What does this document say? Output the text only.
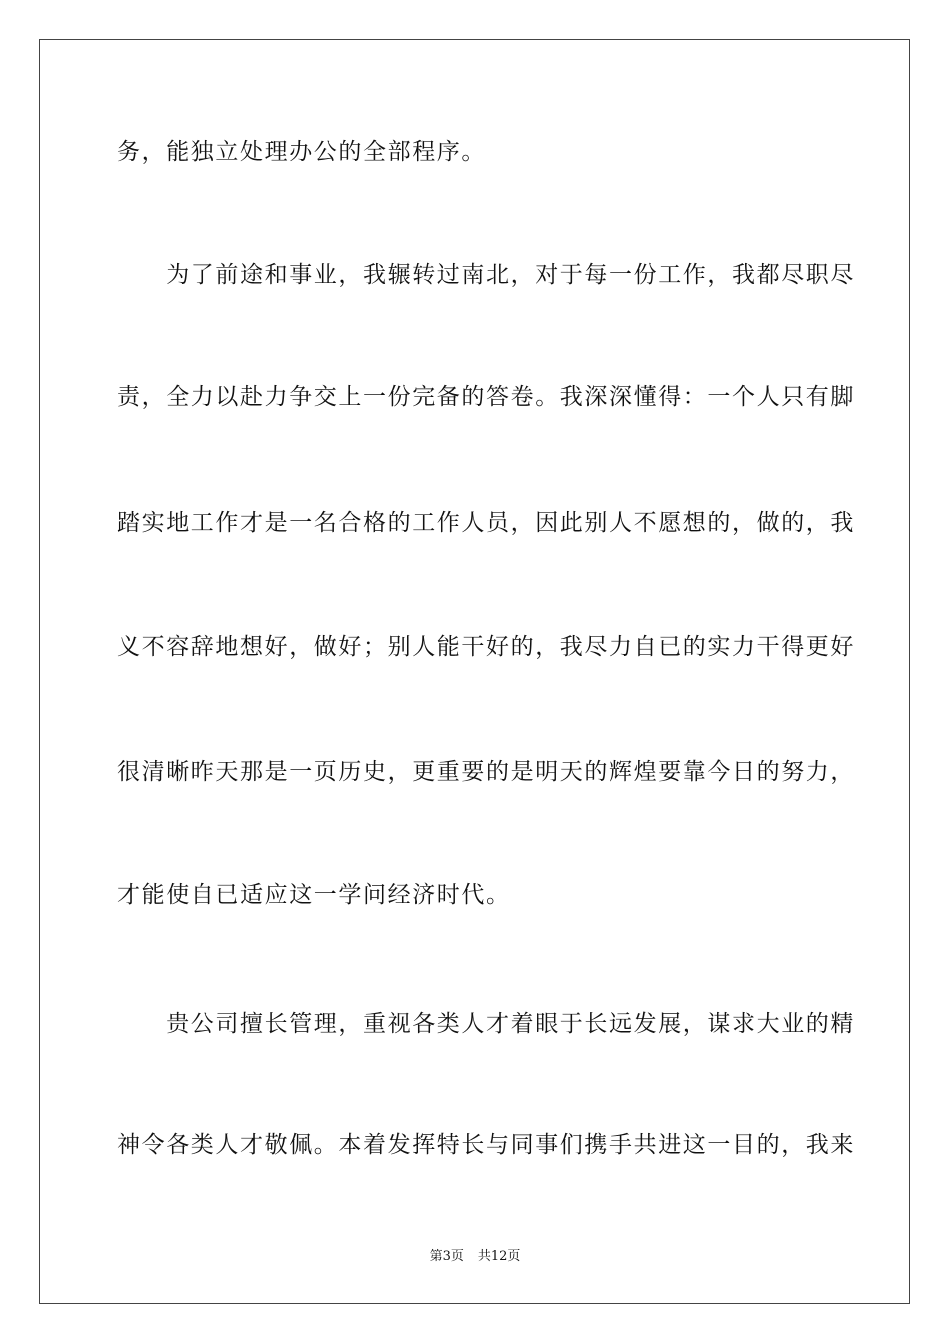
务，能独立处理办公的全部程序。
　　为了前途和事业，我辗转过南北，对于每一份工作，我都尽职尽
责，全力以赴力争交上一份完备的答卷。我深深懂得：一个人只有脚
踏实地工作才是一名合格的工作人员，因此别人不愿想的，做的，我
义不容辞地想好，做好；别人能干好的，我尽力自已的实力干得更好
很清晰昨天那是一页历史，更重要的是明天的辉煌要靠今日的努力，
才能使自已适应这一学问经济时代。
　　贵公司擅长管理，重视各类人才着眼于长远发展，谋求大业的精
神令各类人才敬佩。本着发挥特长与同事们携手共进这一目的，我来
第3页 共12页
